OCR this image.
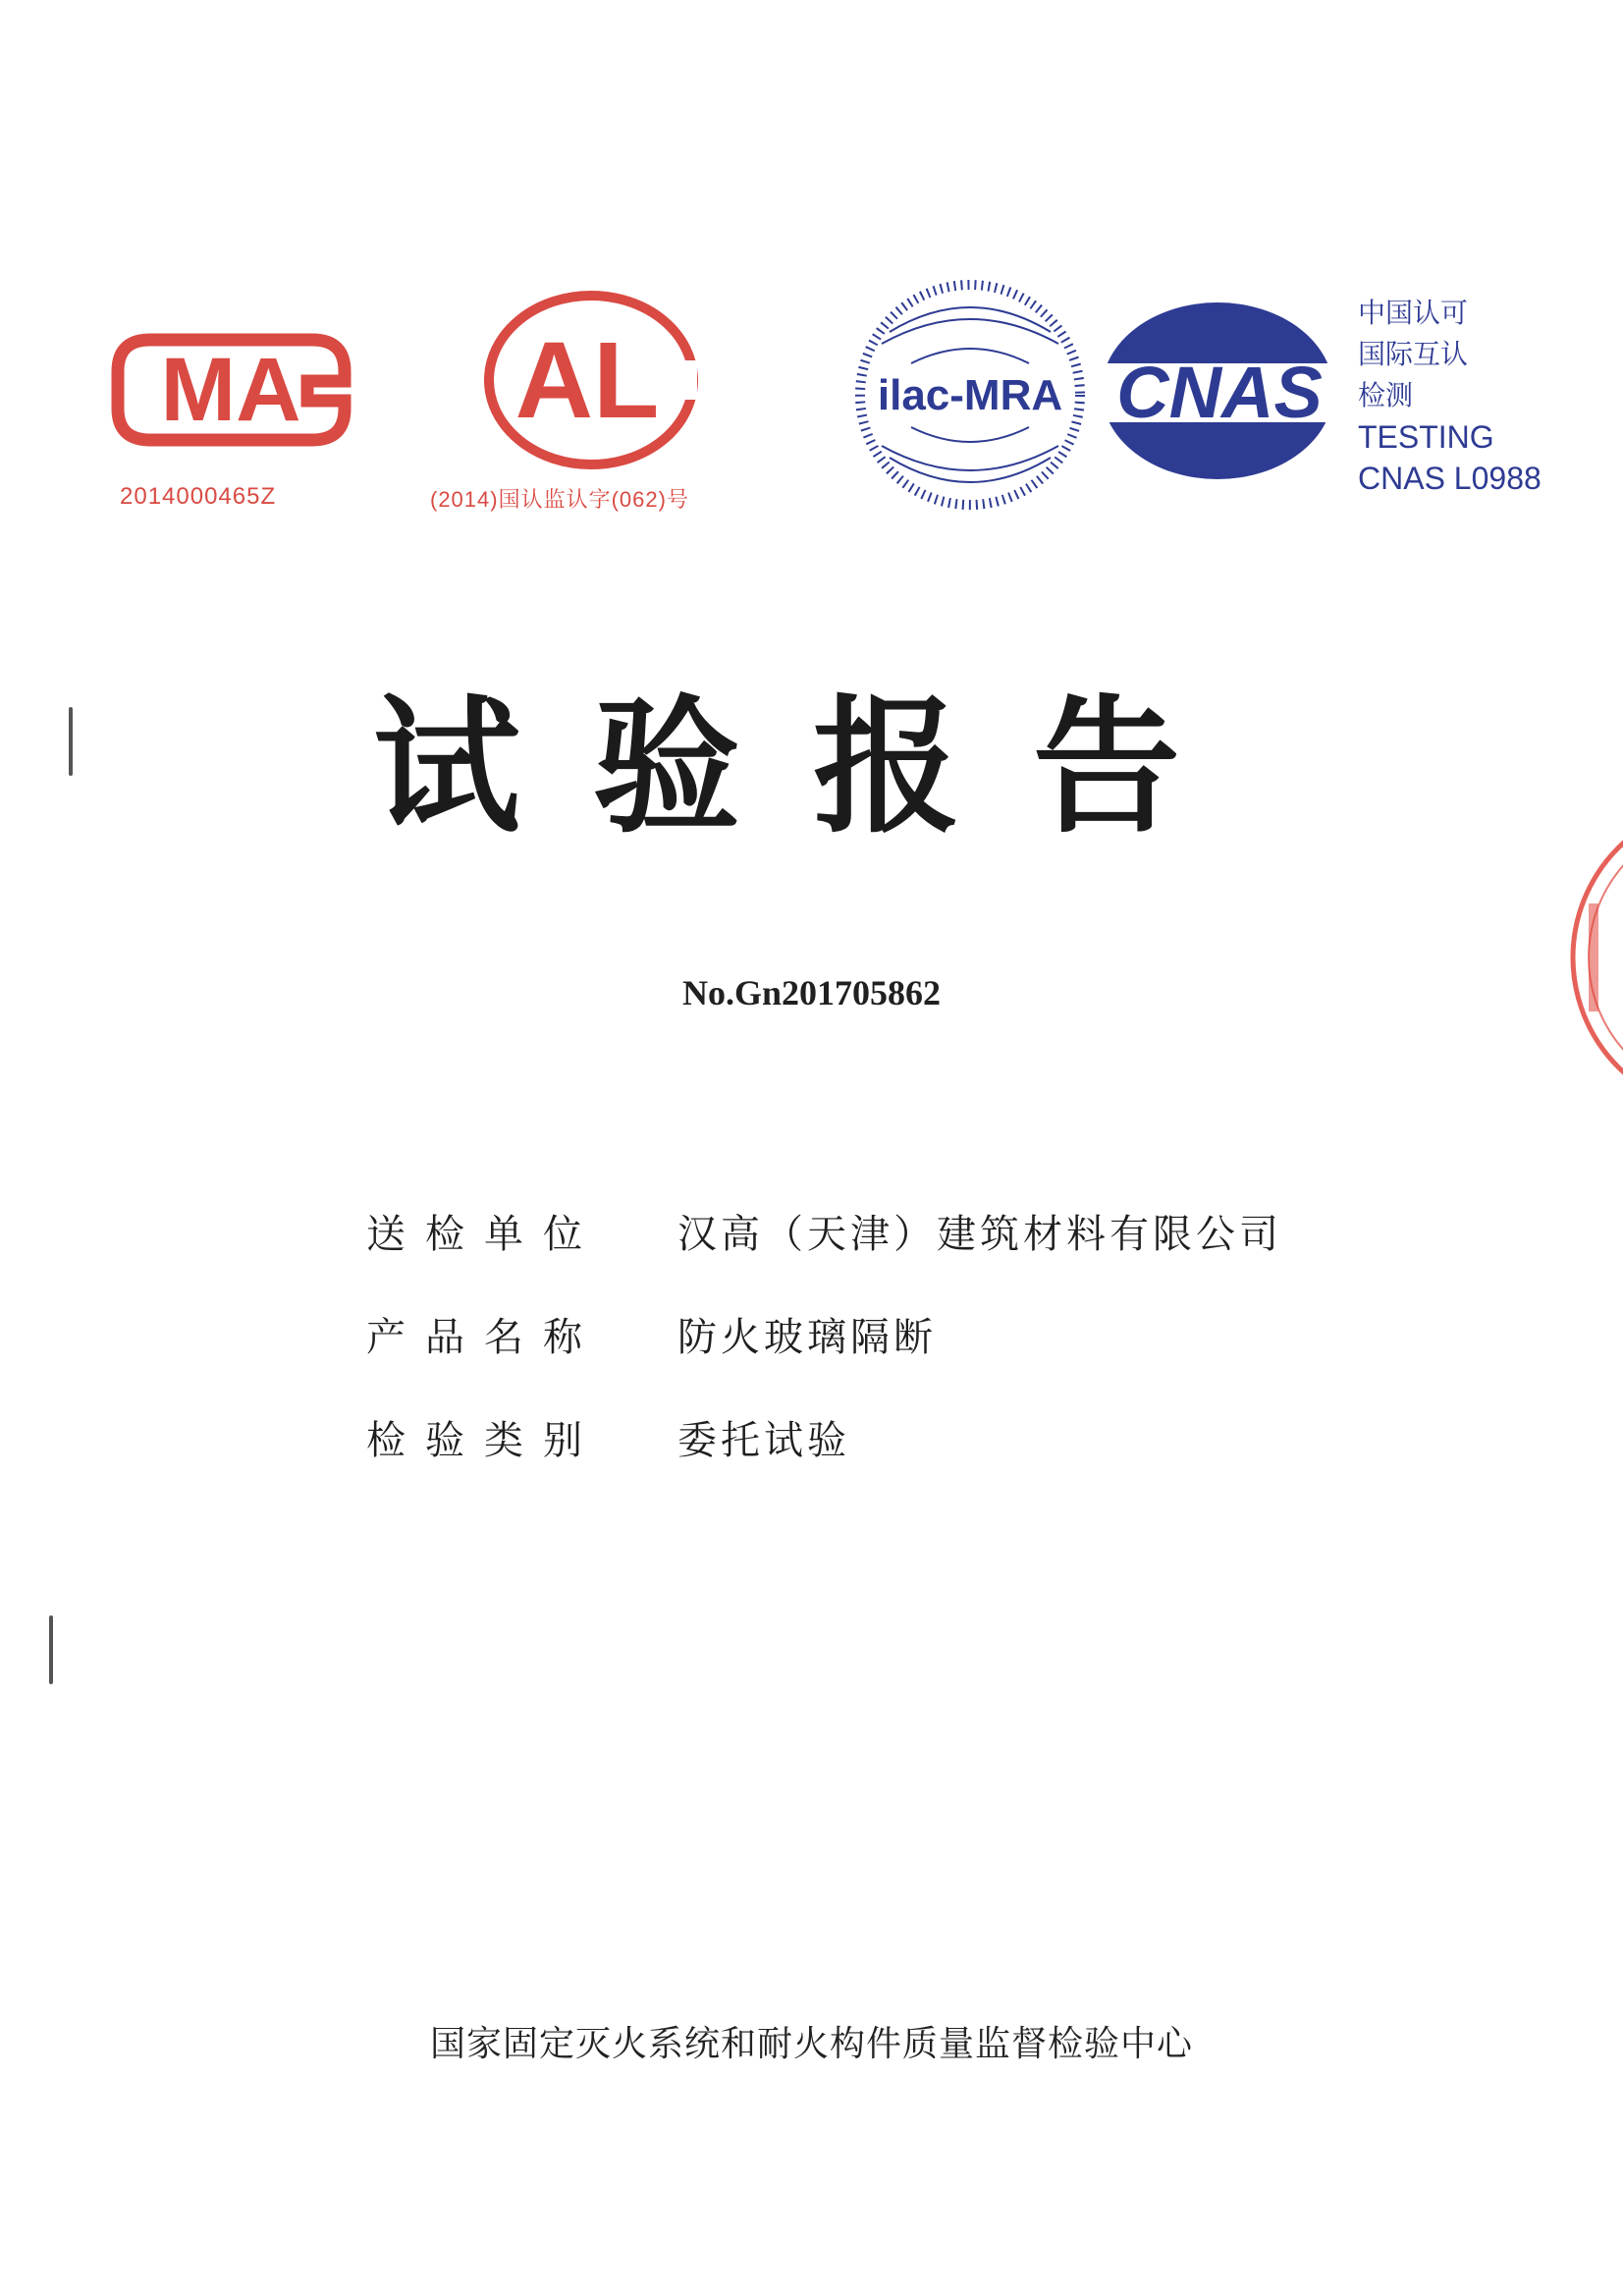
MA
2014000465Z
AL
(2014)国认监认字(062)号
ilac-MRA CNAS
中国认可
国际互认
检测
TESTING
CNAS L0988
试验报告
No.Gn201705862
送检单位 汉高（天津）建筑材料有限公司
产品名称 防火玻璃隔断
检验类别 委托试验
国家固定灭火系统和耐火构件质量监督检验中心
